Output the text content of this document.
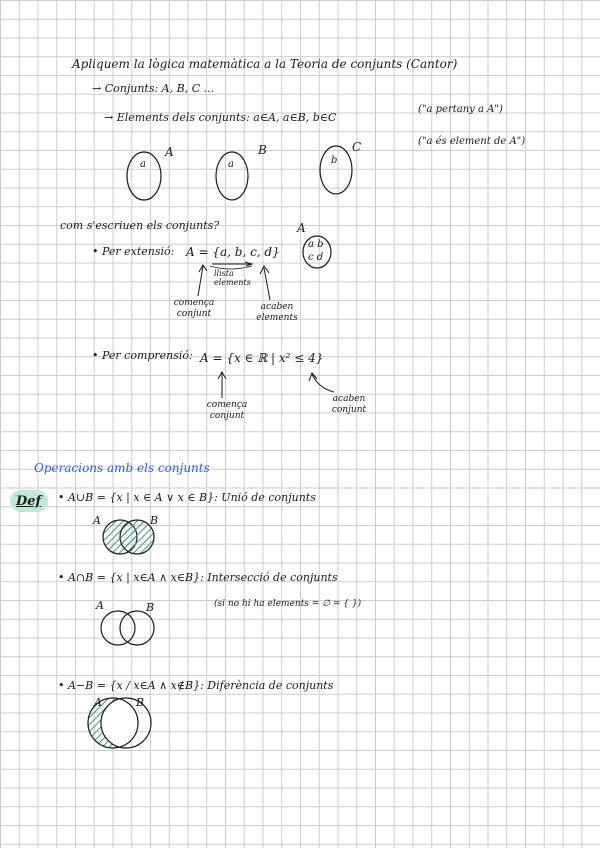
Apliquem la lògica matemàtica a la Teoria de conjunts (Cantor)
→ Conjunts: A, B, C ...
→ Elements dels conjunts: a∈A, a∈B, b∈C
("a pertany a A")
("a és element de A")
A
a
B
a
C
b
com s'escriuen els conjunts?
• Per extensió: A = {a, b, c, d}
llista elements
comença conjunt
acaben elements
A
a b
c d
• Per comprensió: A = {x ∈ ℝ | x² ≤ 4}
comença conjunt
acaben conjunt
Operacions amb els conjunts
Def • A∪B = {x | x ∈ A ∨ x ∈ B}: Unió de conjunts
A	B
• A∩B = {x | x∈A ∧ x∈B}: Intersecció de conjunts
(si no hi ha elements = ∅ = { })
A	B
• A−B = {x / x∈A ∧ x∉B}: Diferència de conjunts
A	B
